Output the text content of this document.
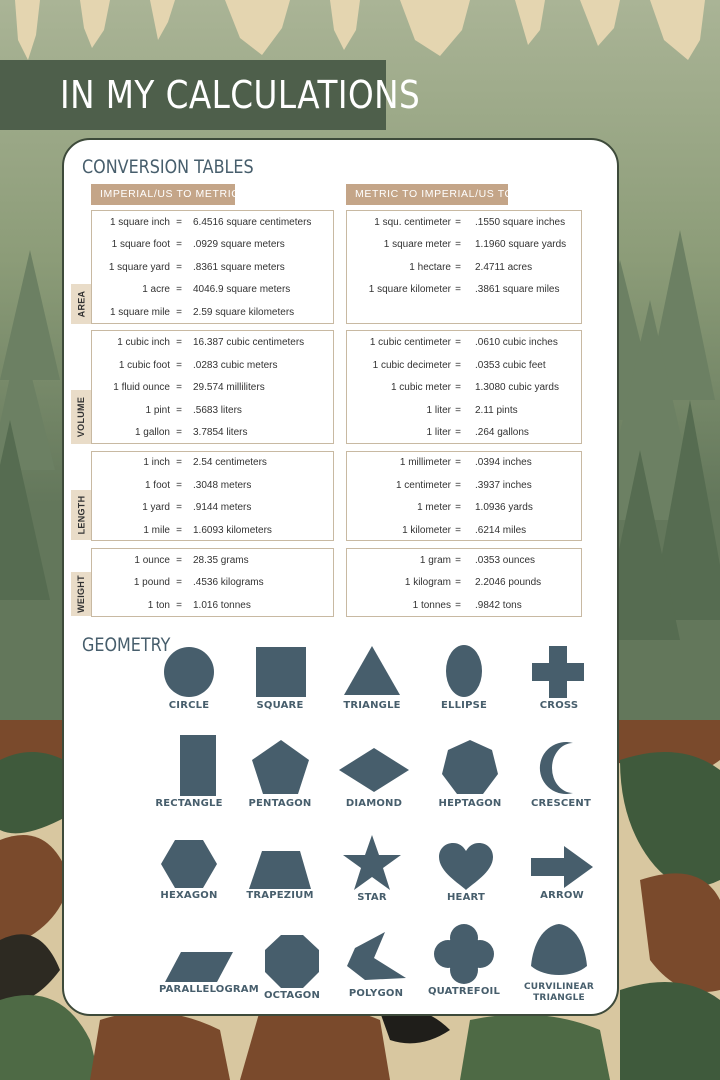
IN MY CALCULATIONS
CONVERSION TABLES
IMPERIAL/US TO METRIC	METRIC TO IMPERIAL/US TO
AREA
1 square inch = 6.4516 square centimeters
1 square foot = .0929 square meters
1 square yard = .8361 square meters
1 acre = 4046.9 square meters
1 square mile = 2.59 square kilometers
1 squ. centimeter = .1550 square inches
1 square meter = 1.1960 square yards
1 hectare = 2.4711 acres
1 square kilometer = .3861 square miles
VOLUME
1 cubic inch = 16.387 cubic centimeters
1 cubic foot = .0283 cubic meters
1 fluid ounce = 29.574 milliliters
1 pint = .5683 liters
1 gallon = 3.7854 liters
1 cubic centimeter = .0610 cubic inches
1 cubic decimeter = .0353 cubic feet
1 cubic meter = 1.3080 cubic yards
1 liter = 2.11 pints
1 liter = .264 gallons
LENGTH
1 inch = 2.54 centimeters
1 foot = .3048 meters
1 yard = .9144 meters
1 mile = 1.6093 kilometers
1 millimeter = .0394 inches
1 centimeter = .3937 inches
1 meter = 1.0936 yards
1 kilometer = .6214 miles
WEIGHT
1 ounce = 28.35 grams
1 pound = .4536 kilograms
1 ton = 1.016 tonnes
1 gram = .0353 ounces
1 kilogram = 2.2046 pounds
1 tonnes = .9842 tons
GEOMETRY
CIRCLE	SQUARE	TRIANGLE	ELLIPSE	CROSS
RECTANGLE	PENTAGON	DIAMOND	HEPTAGON	CRESCENT
HEXAGON	TRAPEZIUM	STAR	HEART	ARROW
PARALLELOGRAM
OCTAGON	POLYGON	QUATREFOIL	CURVILINEAR
TRIANGLE
